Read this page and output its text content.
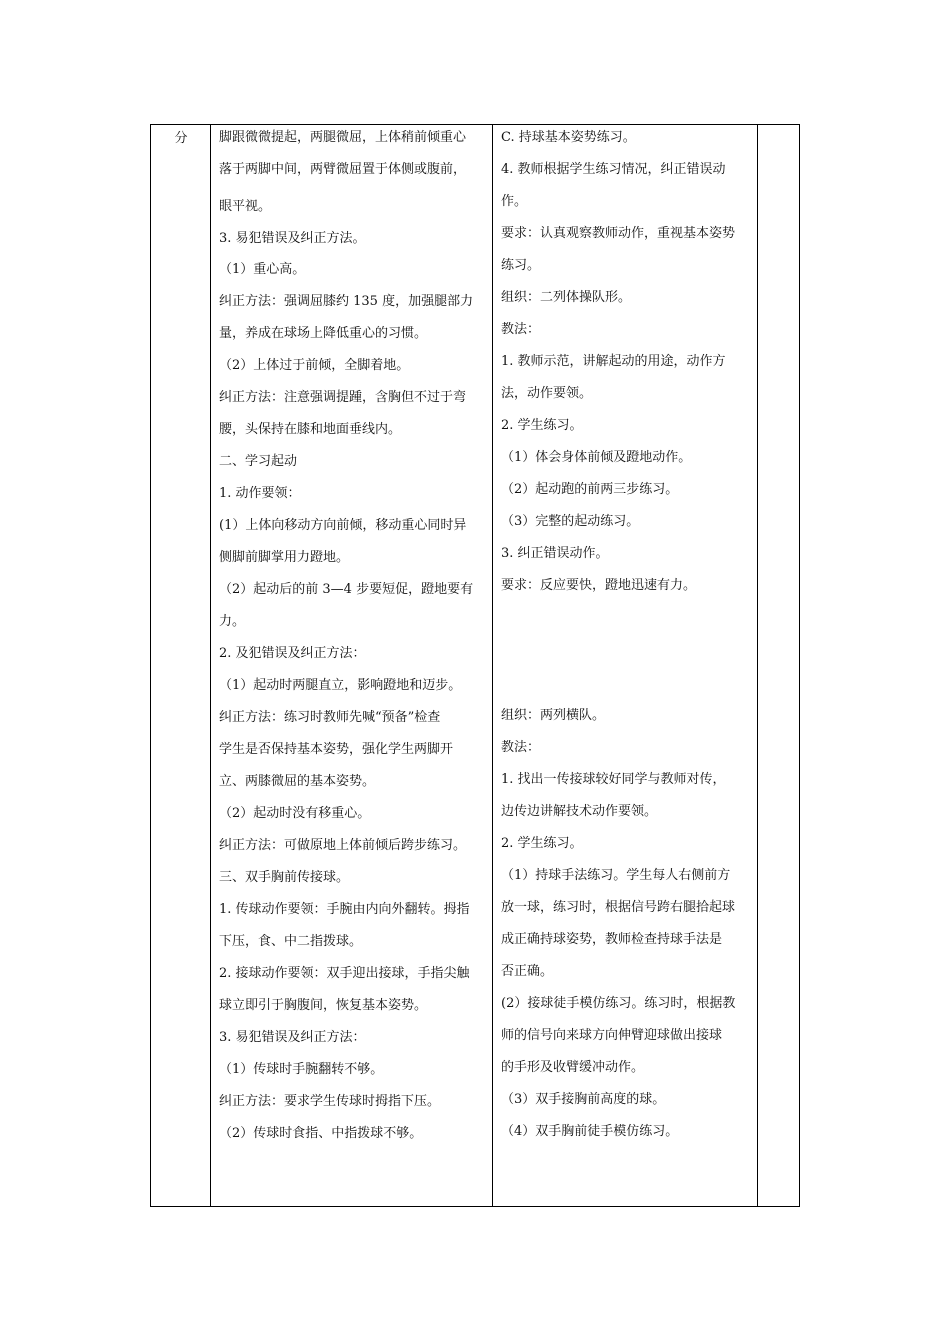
分	脚跟微微提起，两腿微屈，上体稍前倾重心
落于两脚中间，两臂微屈置于体侧或腹前，
眼平视。
3. 易犯错误及纠正方法。
（1）重心高。
纠正方法：强调屈膝约 135 度，加强腿部力
量，养成在球场上降低重心的习惯。
（2）上体过于前倾，全脚着地。
纠正方法：注意强调提踵，含胸但不过于弯
腰，头保持在膝和地面垂线内。
二、学习起动
1. 动作要领：
(1）上体向移动方向前倾，移动重心同时异
侧脚前脚掌用力蹬地。
（2）起动后的前 3—4 步要短促，蹬地要有
力。
2. 及犯错误及纠正方法：
（1）起动时两腿直立，影响蹬地和迈步。
纠正方法：练习时教师先喊“预备”检查
学生是否保持基本姿势，强化学生两脚开
立、两膝微屈的基本姿势。
（2）起动时没有移重心。
纠正方法：可做原地上体前倾后跨步练习。
三、双手胸前传接球。
1. 传球动作要领：手腕由内向外翻转。拇指
下压，食、中二指拨球。
2. 接球动作要领：双手迎出接球，手指尖触
球立即引于胸腹间，恢复基本姿势。
3. 易犯错误及纠正方法：
（1）传球时手腕翻转不够。
纠正方法：要求学生传球时拇指下压。
（2）传球时食指、中指拨球不够。
C. 持球基本姿势练习。
4. 教师根据学生练习情况，纠正错误动
作。
要求：认真观察教师动作，重视基本姿势
练习。
组织：二列体操队形。
教法：
1. 教师示范，讲解起动的用途，动作方
法，动作要领。
2. 学生练习。
（1）体会身体前倾及蹬地动作。
（2）起动跑的前两三步练习。
（3）完整的起动练习。
3. 纠正错误动作。
要求：反应要快，蹬地迅速有力。
组织：两列横队。
教法：
1. 找出一传接球较好同学与教师对传，
边传边讲解技术动作要领。
2. 学生练习。
（1）持球手法练习。学生每人右侧前方
放一球，练习时，根据信号跨右腿拾起球
成正确持球姿势，教师检查持球手法是
否正确。
(2）接球徒手模仿练习。练习时，根据教
师的信号向来球方向伸臂迎球做出接球
的手形及收臂缓冲动作。
（3）双手接胸前高度的球。
（4）双手胸前徒手模仿练习。
